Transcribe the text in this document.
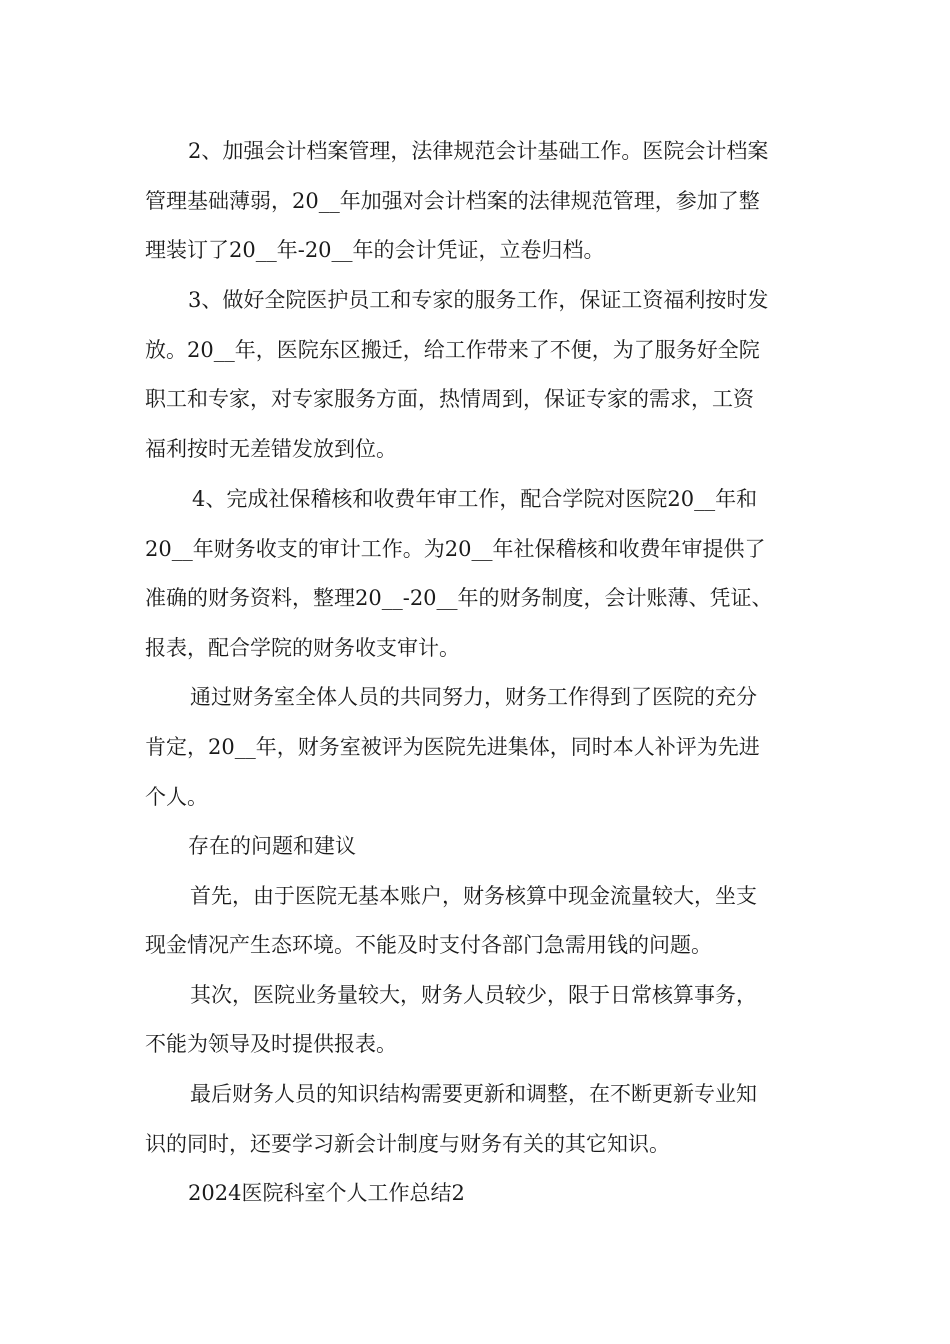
2、加强会计档案管理，法律规范会计基础工作。医院会计档案
管理基础薄弱，20__年加强对会计档案的法律规范管理，参加了整
理装订了20__年-20__年的会计凭证，立卷归档。
3、做好全院医护员工和专家的服务工作，保证工资福利按时发
放。20__年，医院东区搬迁，给工作带来了不便，为了服务好全院
职工和专家，对专家服务方面，热情周到，保证专家的需求，工资
福利按时无差错发放到位。
4、完成社保稽核和收费年审工作，配合学院对医院20__年和
20__年财务收支的审计工作。为20__年社保稽核和收费年审提供了
准确的财务资料，整理20__-20__年的财务制度，会计账薄、凭证、
报表，配合学院的财务收支审计。
通过财务室全体人员的共同努力，财务工作得到了医院的充分
肯定，20__年，财务室被评为医院先进集体，同时本人补评为先进
个人。
存在的问题和建议
首先，由于医院无基本账户，财务核算中现金流量较大，坐支
现金情况产生态环境。不能及时支付各部门急需用钱的问题。
其次，医院业务量较大，财务人员较少，限于日常核算事务，
不能为领导及时提供报表。
最后财务人员的知识结构需要更新和调整，在不断更新专业知
识的同时，还要学习新会计制度与财务有关的其它知识。
2024医院科室个人工作总结2
